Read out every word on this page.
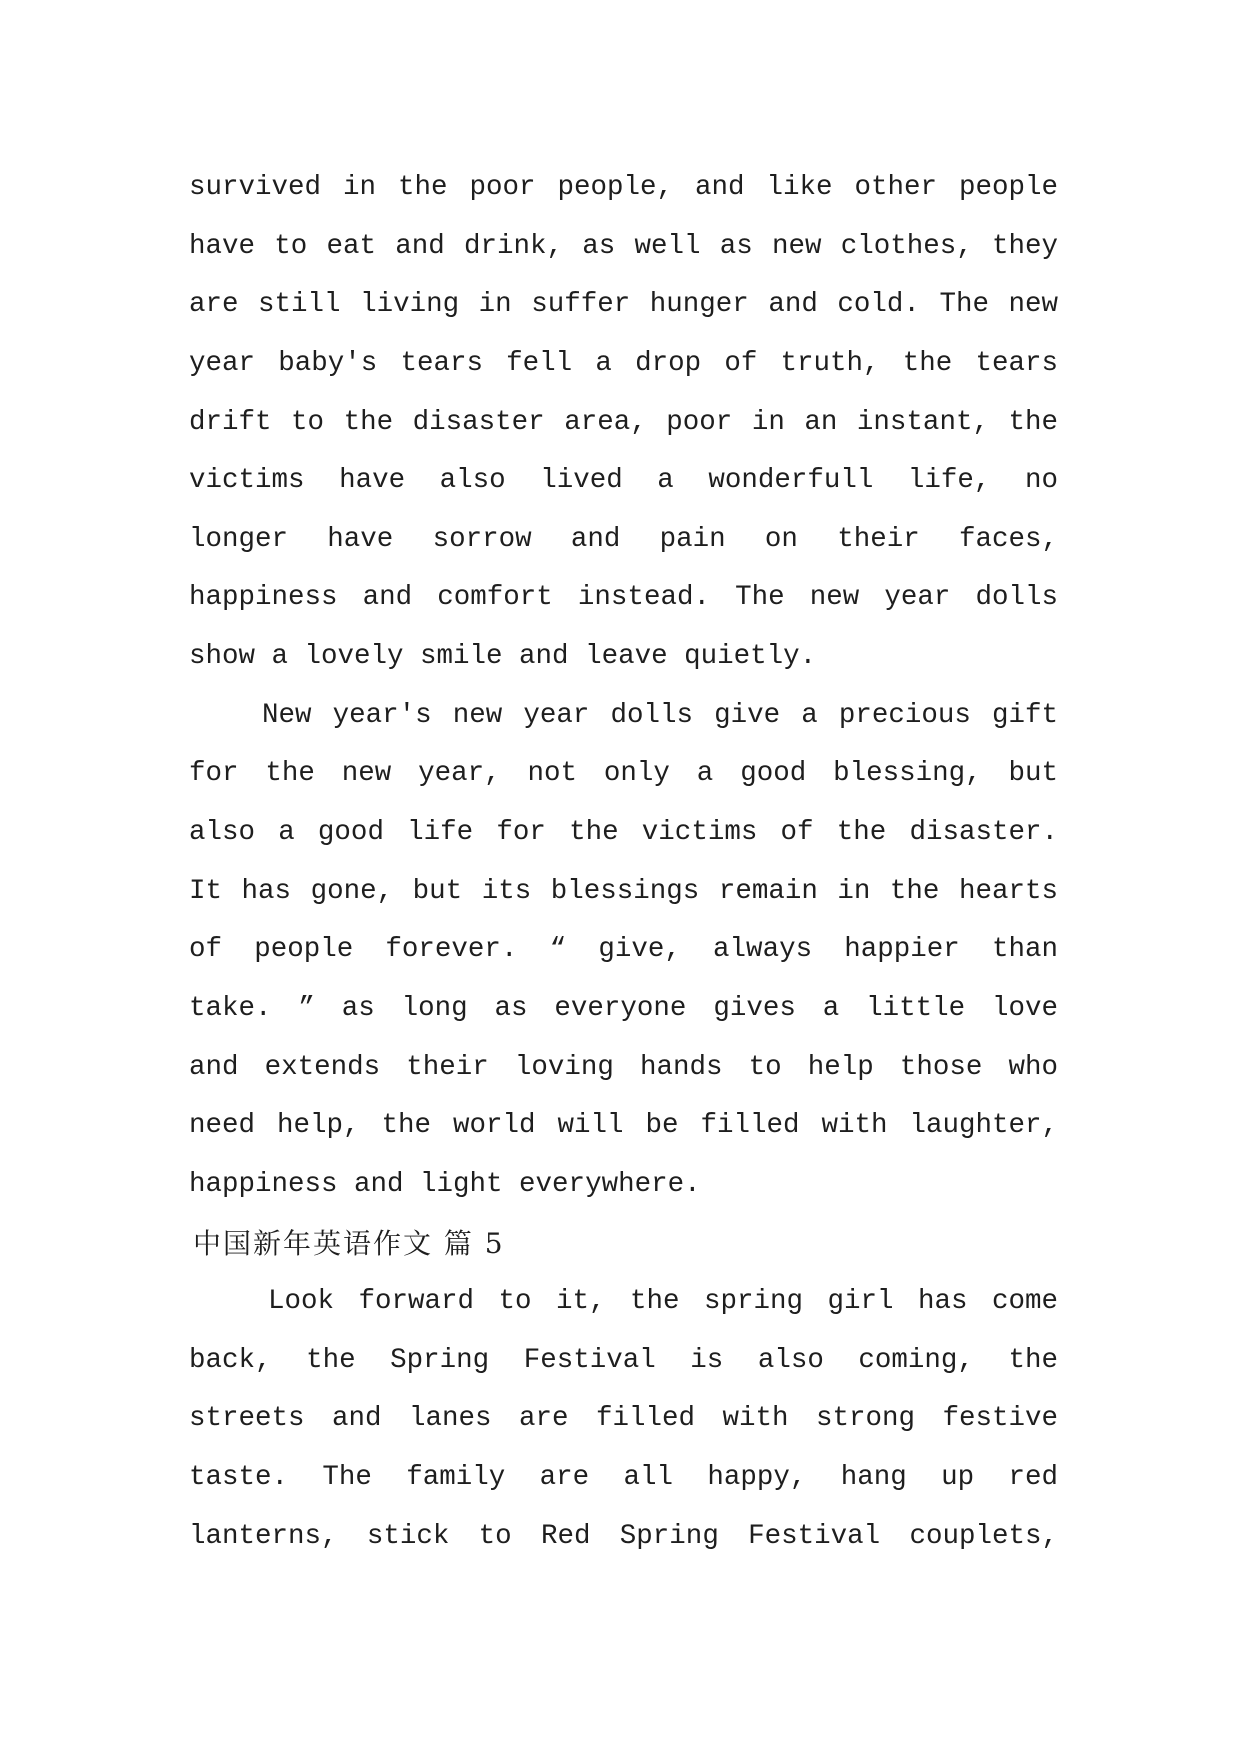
survived in the poor people, and like other people
have to eat and drink, as well as new clothes, they
are still living in suffer hunger and cold. The new
year baby's tears fell a drop of truth, the tears
drift to the disaster area, poor in an instant, the
victims have also lived a wonderfull life, no
longer have sorrow and pain on their faces,
happiness and comfort instead. The new year dolls
show a lovely smile and leave quietly.
New year's new year dolls give a precious gift
for the new year, not only a good blessing, but
also a good life for the victims of the disaster.
It has gone, but its blessings remain in the hearts
of people forever. “ give, always happier than
take. ” as long as everyone gives a little love
and extends their loving hands to help those who
need help, the world will be filled with laughter,
happiness and light everywhere.
中国新年英语作文 篇 5
Look forward to it, the spring girl has come
back, the Spring Festival is also coming, the
streets and lanes are filled with strong festive
taste. The family are all happy, hang up red
lanterns, stick to Red Spring Festival couplets,
